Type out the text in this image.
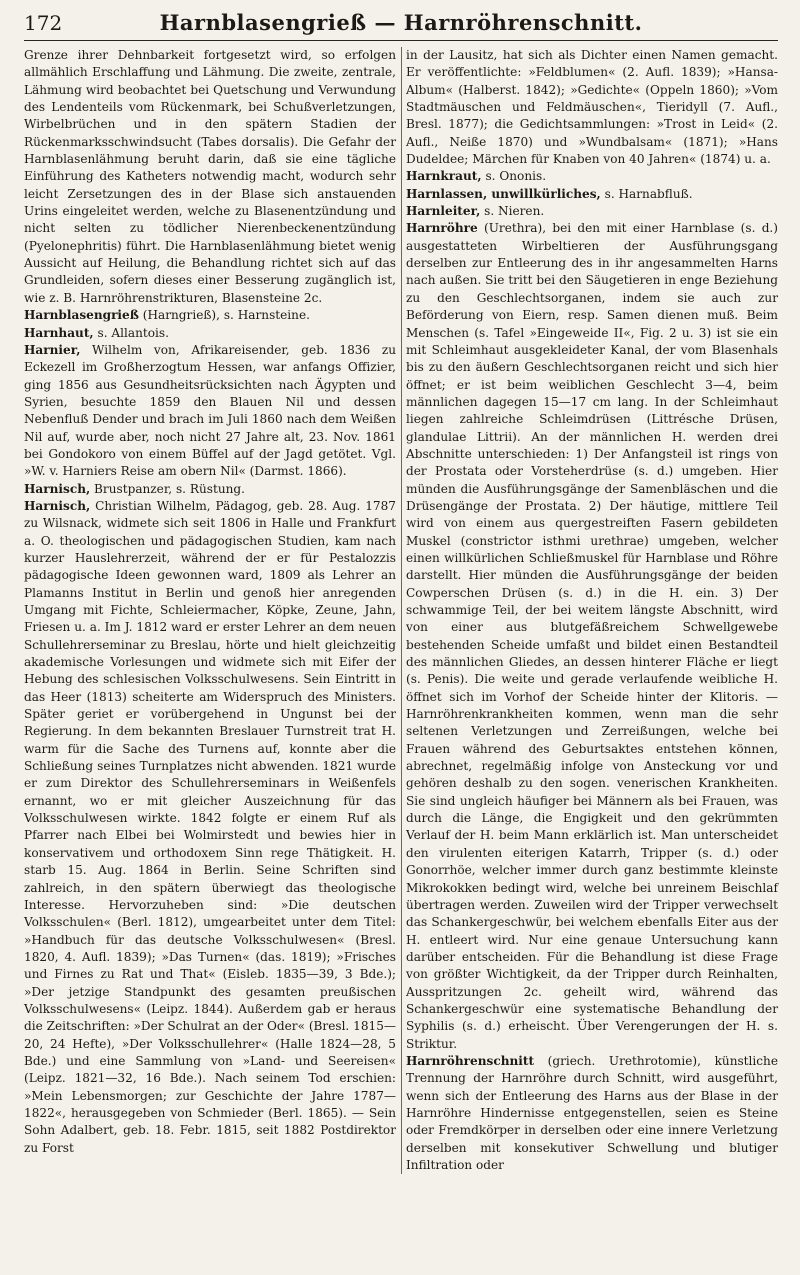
172	Harnblasengrieß — Harnröhrenschnitt.

Grenze ihrer Dehnbarkeit fortgesetzt wird, so erfolgen allmählich Erschlaffung und Lähmung. Die zweite, zentrale, Lähmung wird beobachtet bei Quetschung und Verwundung des Lendenteils vom Rückenmark, bei Schußverletzungen, Wirbelbrüchen und in den spätern Stadien der Rückenmarksschwindsucht (Tabes dorsalis). Die Gefahr der Harnblasenlähmung beruht darin, daß sie eine tägliche Einführung des Katheters notwendig macht, wodurch sehr leicht Zersetzungen des in der Blase sich anstauenden Urins eingeleitet werden, welche zu Blasenentzündung und nicht selten zu tödlicher Nierenbeckenentzündung (Pyelonephritis) führt. Die Harnblasenlähmung bietet wenig Aussicht auf Heilung, die Behandlung richtet sich auf das Grundleiden, sofern dieses einer Besserung zugänglich ist, wie z. B. Harnröhrenstrikturen, Blasensteine 2c.

Harnblasengrieß (Harngrieß), s. Harnsteine.

Harnhaut, s. Allantois.

Harnier, Wilhelm von, Afrikareisender, geb. 1836 zu Eckezell im Großherzogtum Hessen, war anfangs Offizier, ging 1856 aus Gesundheitsrücksichten nach Ägypten und Syrien, besuchte 1859 den Blauen Nil und dessen Nebenfluß Dender und brach im Juli 1860 nach dem Weißen Nil auf, wurde aber, noch nicht 27 Jahre alt, 23. Nov. 1861 bei Gondokoro von einem Büffel auf der Jagd getötet. Vgl. »W. v. Harniers Reise am obern Nil« (Darmst. 1866).

Harnisch, Brustpanzer, s. Rüstung.

Harnisch, Christian Wilhelm, Pädagog, geb. 28. Aug. 1787 zu Wilsnack, widmete sich seit 1806 in Halle und Frankfurt a. O. theologischen und pädagogischen Studien, kam nach kurzer Hauslehrerzeit, während der er für Pestalozzis pädagogische Ideen gewonnen ward, 1809 als Lehrer an Plamanns Institut in Berlin und genoß hier anregenden Umgang mit Fichte, Schleiermacher, Köpke, Zeune, Jahn, Friesen u. a. Im J. 1812 ward er erster Lehrer an dem neuen Schullehrerseminar zu Breslau, hörte und hielt gleichzeitig akademische Vorlesungen und widmete sich mit Eifer der Hebung des schlesischen Volksschulwesens. Sein Eintritt in das Heer (1813) scheiterte am Widerspruch des Ministers. Später geriet er vorübergehend in Ungunst bei der Regierung. In dem bekannten Breslauer Turnstreit trat H. warm für die Sache des Turnens auf, konnte aber die Schließung seines Turnplatzes nicht abwenden. 1821 wurde er zum Direktor des Schullehrerseminars in Weißenfels ernannt, wo er mit gleicher Auszeichnung für das Volksschulwesen wirkte. 1842 folgte er einem Ruf als Pfarrer nach Elbei bei Wolmirstedt und bewies hier in konservativem und orthodoxem Sinn rege Thätigkeit. H. starb 15. Aug. 1864 in Berlin. Seine Schriften sind zahlreich, in den spätern überwiegt das theologische Interesse. Hervorzuheben sind: »Die deutschen Volksschulen« (Berl. 1812), umgearbeitet unter dem Titel: »Handbuch für das deutsche Volksschulwesen« (Bresl. 1820, 4. Aufl. 1839); »Das Turnen« (das. 1819); »Frisches und Firnes zu Rat und That« (Eisleb. 1835—39, 3 Bde.); »Der jetzige Standpunkt des gesamten preußischen Volksschulwesens« (Leipz. 1844). Außerdem gab er heraus die Zeitschriften: »Der Schulrat an der Oder« (Bresl. 1815—20, 24 Hefte), »Der Volksschullehrer« (Halle 1824—28, 5 Bde.) und eine Sammlung von »Land- und Seereisen« (Leipz. 1821—32, 16 Bde.). Nach seinem Tod erschien: »Mein Lebensmorgen; zur Geschichte der Jahre 1787—1822«, herausgegeben von Schmieder (Berl. 1865). — Sein Sohn Adalbert, geb. 18. Febr. 1815, seit 1882 Postdirektor zu Forst

in der Lausitz, hat sich als Dichter einen Namen gemacht. Er veröffentlichte: »Feldblumen« (2. Aufl. 1839); »Hansa-Album« (Halberst. 1842); »Gedichte« (Oppeln 1860); »Vom Stadtmäuschen und Feldmäuschen«, Tieridyll (7. Aufl., Bresl. 1877); die Gedichtsammlungen: »Trost in Leid« (2. Aufl., Neiße 1870) und »Wundbalsam« (1871); »Hans Dudeldee; Märchen für Knaben von 40 Jahren« (1874) u. a.

Harnkraut, s. Ononis.

Harnlassen, unwillkürliches, s. Harnabfluß.

Harnleiter, s. Nieren.

Harnröhre (Urethra), bei den mit einer Harnblase (s. d.) ausgestatteten Wirbeltieren der Ausführungsgang derselben zur Entleerung des in ihr angesammelten Harns nach außen. Sie tritt bei den Säugetieren in enge Beziehung zu den Geschlechtsorganen, indem sie auch zur Beförderung von Eiern, resp. Samen dienen muß. Beim Menschen (s. Tafel »Eingeweide II«, Fig. 2 u. 3) ist sie ein mit Schleimhaut ausgekleideter Kanal, der vom Blasenhals bis zu den äußern Geschlechtsorganen reicht und sich hier öffnet; er ist beim weiblichen Geschlecht 3—4, beim männlichen dagegen 15—17 cm lang. In der Schleimhaut liegen zahlreiche Schleimdrüsen (Littrésche Drüsen, glandulae Littrii). An der männlichen H. werden drei Abschnitte unterschieden: 1) Der Anfangsteil ist rings von der Prostata oder Vorsteherdrüse (s. d.) umgeben. Hier münden die Ausführungsgänge der Samenbläschen und die Drüsengänge der Prostata. 2) Der häutige, mittlere Teil wird von einem aus quergestreiften Fasern gebildeten Muskel (constrictor isthmi urethrae) umgeben, welcher einen willkürlichen Schließmuskel für Harnblase und Röhre darstellt. Hier münden die Ausführungsgänge der beiden Cowperschen Drüsen (s. d.) in die H. ein. 3) Der schwammige Teil, der bei weitem längste Abschnitt, wird von einer aus blutgefäßreichem Schwellgewebe bestehenden Scheide umfaßt und bildet einen Bestandteil des männlichen Gliedes, an dessen hinterer Fläche er liegt (s. Penis). Die weite und gerade verlaufende weibliche H. öffnet sich im Vorhof der Scheide hinter der Klitoris. — Harnröhrenkrankheiten kommen, wenn man die sehr seltenen Verletzungen und Zerreißungen, welche bei Frauen während des Geburtsaktes entstehen können, abrechnet, regelmäßig infolge von Ansteckung vor und gehören deshalb zu den sogen. venerischen Krankheiten. Sie sind ungleich häufiger bei Männern als bei Frauen, was durch die Länge, die Engigkeit und den gekrümmten Verlauf der H. beim Mann erklärlich ist. Man unterscheidet den virulenten eiterigen Katarrh, Tripper (s. d.) oder Gonorrhöe, welcher immer durch ganz bestimmte kleinste Mikrokokken bedingt wird, welche bei unreinem Beischlaf übertragen werden. Zuweilen wird der Tripper verwechselt das Schankergeschwür, bei welchem ebenfalls Eiter aus der H. entleert wird. Nur eine genaue Untersuchung kann darüber entscheiden. Für die Behandlung ist diese Frage von größter Wichtigkeit, da der Tripper durch Reinhalten, Ausspritzungen 2c. geheilt wird, während das Schankergeschwür eine systematische Behandlung der Syphilis (s. d.) erheischt. Über Verengerungen der H. s. Striktur.

Harnröhrenschnitt (griech. Urethrotomie), künstliche Trennung der Harnröhre durch Schnitt, wird ausgeführt, wenn sich der Entleerung des Harns aus der Blase in der Harnröhre Hindernisse entgegenstellen, seien es Steine oder Fremdkörper in derselben oder eine innere Verletzung derselben mit konsekutiver Schwellung und blutiger Infiltration oder
